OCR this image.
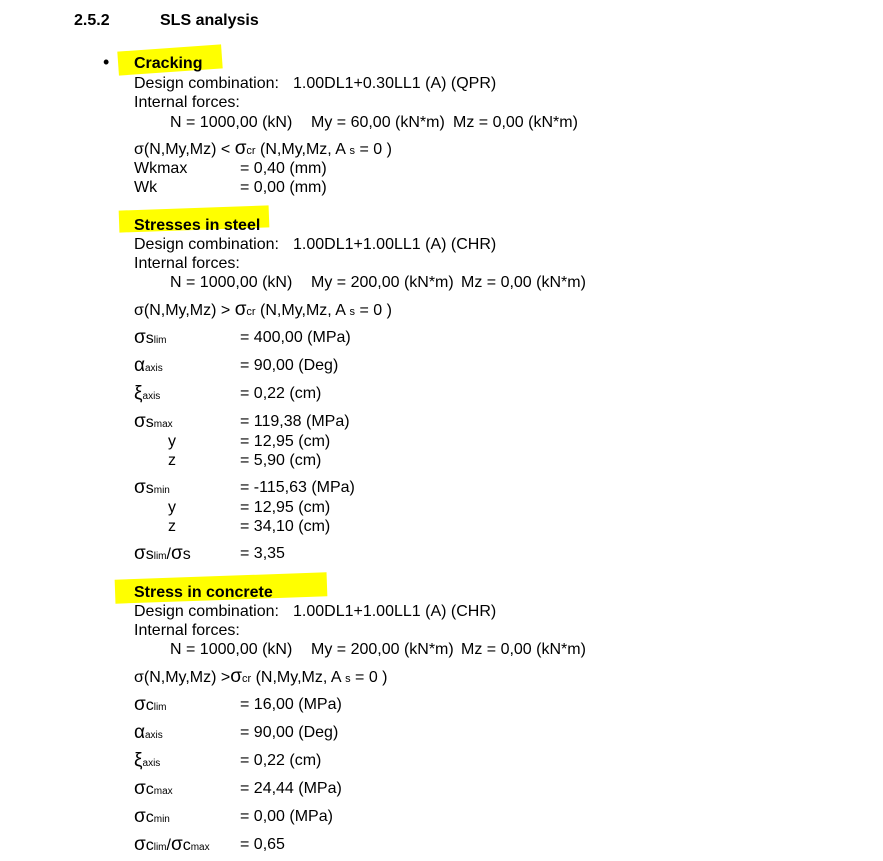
2.5.2	SLS analysis
• Cracking
Design combination: 1.00DL1+0.30LL1 (A) (QPR)
Internal forces:
N = 1000,00 (kN) My = 60,00 (kN*m) Mz = 0,00 (kN*m)
σ(N,My,Mz) < σcr (N,My,Mz, A s = 0 )
Wkmax	= 0,40 (mm)
Wk	= 0,00 (mm)
Stresses in steel
Design combination: 1.00DL1+1.00LL1 (A) (CHR)
Internal forces:
N = 1000,00 (kN) My = 200,00 (kN*m) Mz = 0,00 (kN*m)
σ(N,My,Mz) > σcr (N,My,Mz, A s = 0 )
σslim	= 400,00 (MPa)
αaxis	= 90,00 (Deg)
ξaxis	= 0,22 (cm)
σsmax	= 119,38 (MPa)
y	= 12,95 (cm)
z	= 5,90 (cm)
σsmin	= -115,63 (MPa)
y	= 12,95 (cm)
z	= 34,10 (cm)
σslim/σs	= 3,35
Stress in concrete
Design combination: 1.00DL1+1.00LL1 (A) (CHR)
Internal forces:
N = 1000,00 (kN) My = 200,00 (kN*m) Mz = 0,00 (kN*m)
σ(N,My,Mz) >σcr (N,My,Mz, A s = 0 )
σclim	= 16,00 (MPa)
αaxis	= 90,00 (Deg)
ξaxis	= 0,22 (cm)
σcmax	= 24,44 (MPa)
σcmin	= 0,00 (MPa)
σclim/σcmax = 0,65
